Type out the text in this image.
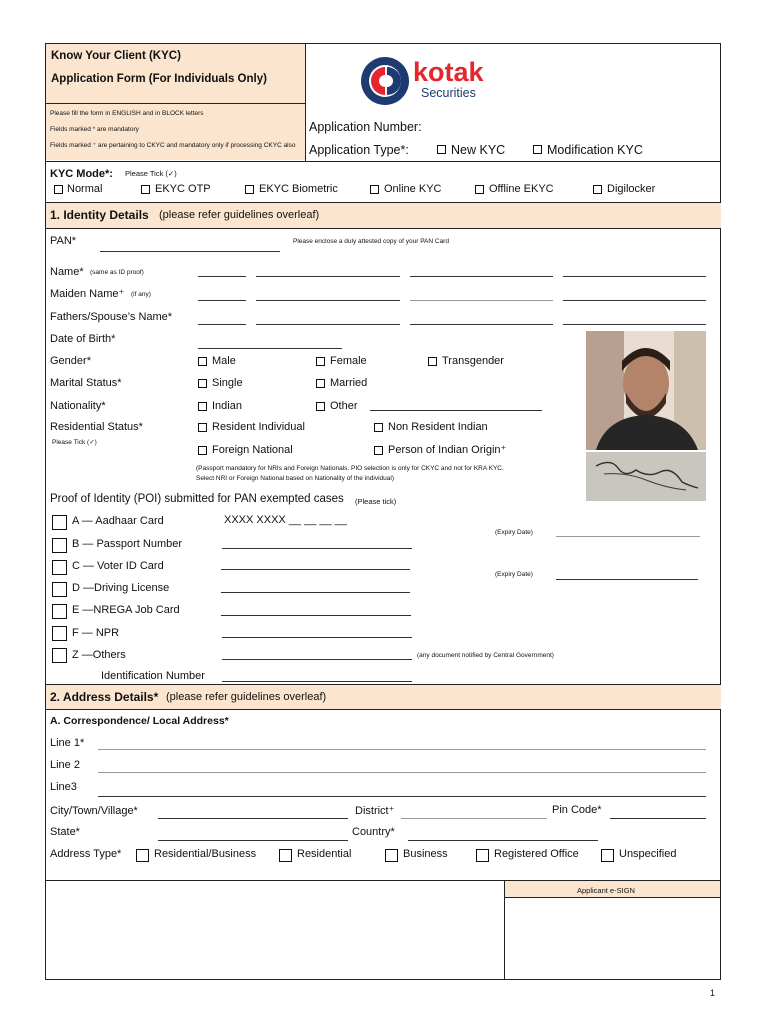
Know Your Client (KYC)
Application Form (For Individuals Only)
Please fill the form in ENGLISH and in BLOCK letters
Fields marked * are mandatory
Fields marked ⁺ are pertaining to CKYC and mandatory only if processing CKYC also
kotak
Securities
Application Number:
Application Type*:	New KYC	Modification KYC
KYC Mode*: Please Tick (✓)
Normal	EKYC OTP	EKYC Biometric	Online KYC	Offline EKYC	Digilocker
1. Identity Details (please refer guidelines overleaf)
PAN*	Please enclose a duly attested copy of your PAN Card
Name* (same as ID proof)
Maiden Name⁺ (if any)
Fathers/Spouse’s Name*
Date of Birth*
Gender*	Male	Female	Transgender
Marital Status*	Single	Married
Nationality*	Indian	Other
Residential Status*
Please Tick (✓)
Resident Individual	Non Resident Indian
Foreign National	Person of Indian Origin⁺
(Passport mandatory for NRIs and Foreign Nationals. PIO selection is only for CKYC and not for KRA KYC.
Select NRI or Foreign National based on Nationality of the individual)
Proof of Identity (POI) submitted for PAN exempted cases (Please tick)
A — Aadhaar Card	XXXX XXXX __ __ __ __
B — Passport Number
(Expiry Date)
C — Voter ID Card
D —Driving License
(Expiry Date)
E —NREGA Job Card
F — NPR
Z —Others	(any document notified by Central Government)
Identification Number
2. Address Details* (please refer guidelines overleaf)
A. Correspondence/ Local Address*
Line 1*
Line 2
Line3
City/Town/Village*	District⁺	Pin Code*
State*	Country*
Address Type*	Residential/Business	Residential	Business	Registered Office	Unspecified
Applicant e-SIGN
1
